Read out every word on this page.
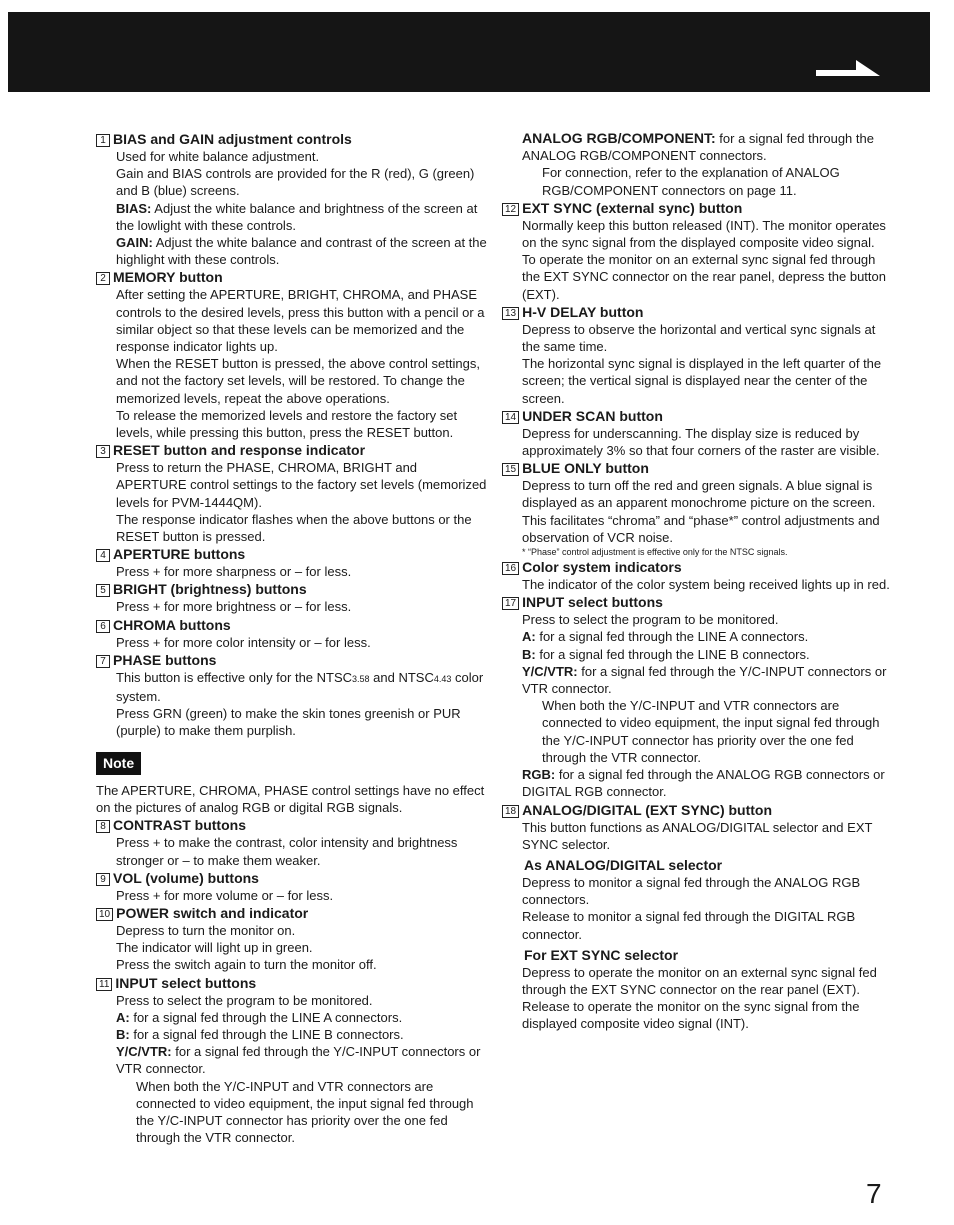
1 BIAS and GAIN adjustment controls

Used for white balance adjustment.

Gain and BIAS controls are provided for the R (red), G (green) and B (blue) screens.

BIAS: Adjust the white balance and brightness of the screen at the lowlight with these controls.

GAIN: Adjust the white balance and contrast of the screen at the highlight with these controls.

2 MEMORY button

After setting the APERTURE, BRIGHT, CHROMA, and PHASE controls to the desired levels, press this button with a pencil or a similar object so that these levels can be memorized and the response indicator lights up.

When the RESET button is pressed, the above control settings, and not the factory set levels, will be restored. To change the memorized levels, repeat the above operations.

To release the memorized levels and restore the factory set levels, while pressing this button, press the RESET button.

3 RESET button and response indicator

Press to return the PHASE, CHROMA, BRIGHT and APERTURE control settings to the factory set levels (memorized levels for PVM-1444QM).

The response indicator flashes when the above buttons or the RESET button is pressed.

4 APERTURE buttons

Press + for more sharpness or – for less.

5 BRIGHT (brightness) buttons

Press + for more brightness or – for less.

6 CHROMA buttons

Press + for more color intensity or – for less.

7 PHASE buttons

This button is effective only for the NTSC3.58 and NTSC4.43 color system.

Press GRN (green) to make the skin tones greenish or PUR (purple) to make them purplish.

Note

The APERTURE, CHROMA, PHASE control settings have no effect on the pictures of analog RGB or digital RGB signals.

8 CONTRAST buttons

Press + to make the contrast, color intensity and brightness stronger or – to make them weaker.

9 VOL (volume) buttons

Press + for more volume or – for less.

10 POWER switch and indicator

Depress to turn the monitor on.

The indicator will light up in green.

Press the switch again to turn the monitor off.

11 INPUT select buttons

Press to select the program to be monitored.

A: for a signal fed through the LINE A connectors.

B: for a signal fed through the LINE B connectors.

Y/C/VTR: for a signal fed through the Y/C-INPUT connectors or VTR connector.

When both the Y/C-INPUT and VTR connectors are connected to video equipment, the input signal fed through the Y/C-INPUT connector has priority over the one fed through the VTR connector.

ANALOG RGB/COMPONENT: for a signal fed through the ANALOG RGB/COMPONENT connectors.

For connection, refer to the explanation of ANALOG RGB/COMPONENT connectors on page 11.

12 EXT SYNC (external sync) button

Normally keep this button released (INT). The monitor operates on the sync signal from the displayed composite video signal.

To operate the monitor on an external sync signal fed through the EXT SYNC connector on the rear panel, depress the button (EXT).

13 H-V DELAY button

Depress to observe the horizontal and vertical sync signals at the same time.

The horizontal sync signal is displayed in the left quarter of the screen; the vertical signal is displayed near the center of the screen.

14 UNDER SCAN button

Depress for underscanning. The display size is reduced by approximately 3% so that four corners of the raster are visible.

15 BLUE ONLY button

Depress to turn off the red and green signals. A blue signal is displayed as an apparent monochrome picture on the screen. This facilitates “chroma” and “phase*” control adjustments and observation of VCR noise.

* “Phase” control adjustment is effective only for the NTSC signals.

16 Color system indicators

The indicator of the color system being received lights up in red.

17 INPUT select buttons

Press to select the program to be monitored.

A: for a signal fed through the LINE A connectors.

B: for a signal fed through the LINE B connectors.

Y/C/VTR: for a signal fed through the Y/C-INPUT connectors or VTR connector.

When both the Y/C-INPUT and VTR connectors are connected to video equipment, the input signal fed through the Y/C-INPUT connector has priority over the one fed through the VTR connector.

RGB: for a signal fed through the ANALOG RGB connectors or DIGITAL RGB connector.

18 ANALOG/DIGITAL (EXT SYNC) button

This button functions as ANALOG/DIGITAL selector and EXT SYNC selector.

As ANALOG/DIGITAL selector

Depress to monitor a signal fed through the ANALOG RGB connectors.

Release to monitor a signal fed through the DIGITAL RGB connector.

For EXT SYNC selector

Depress to operate the monitor on an external sync signal fed through the EXT SYNC connector on the rear panel (EXT).

Release to operate the monitor on the sync signal from the displayed composite video signal (INT).

7
